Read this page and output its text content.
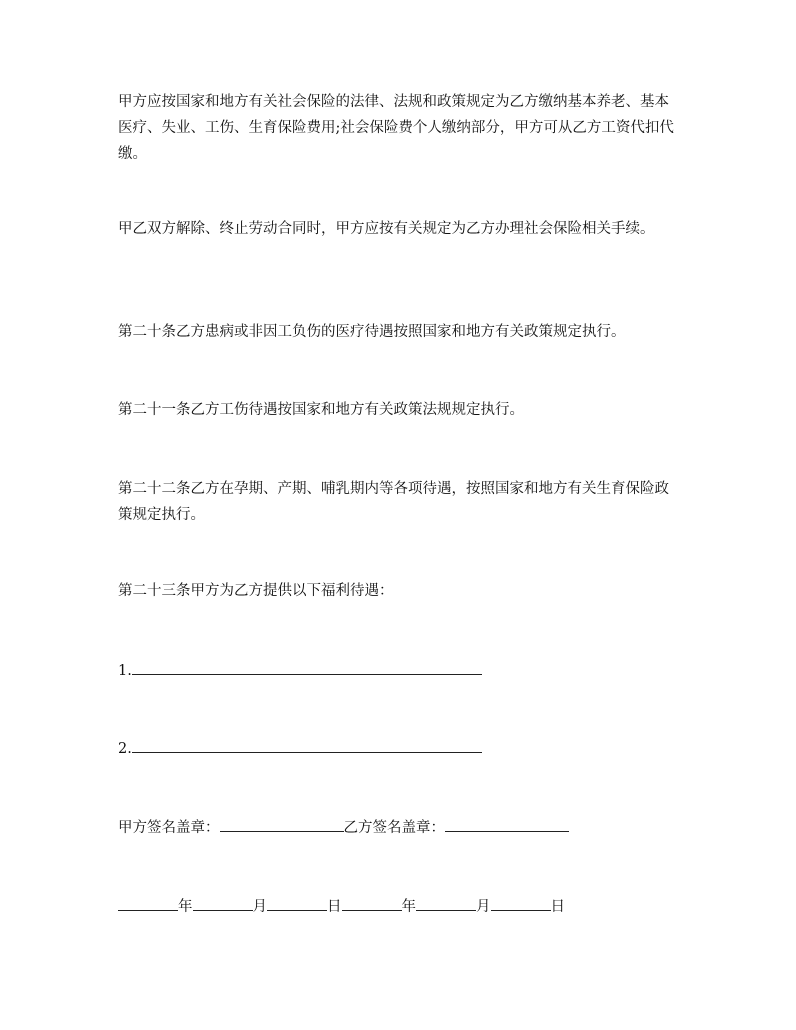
甲方应按国家和地方有关社会保险的法律、法规和政策规定为乙方缴纳基本养老、基本医疗、失业、工伤、生育保险费用;社会保险费个人缴纳部分，甲方可从乙方工资代扣代缴。

甲乙双方解除、终止劳动合同时，甲方应按有关规定为乙方办理社会保险相关手续。

第二十条乙方患病或非因工负伤的医疗待遇按照国家和地方有关政策规定执行。

第二十一条乙方工伤待遇按国家和地方有关政策法规规定执行。

第二十二条乙方在孕期、产期、哺乳期内等各项待遇，按照国家和地方有关生育保险政策规定执行。

第二十三条甲方为乙方提供以下福利待遇：

1.
2.
甲方签名盖章：	乙方签名盖章：
年	月	日	年	月	日
